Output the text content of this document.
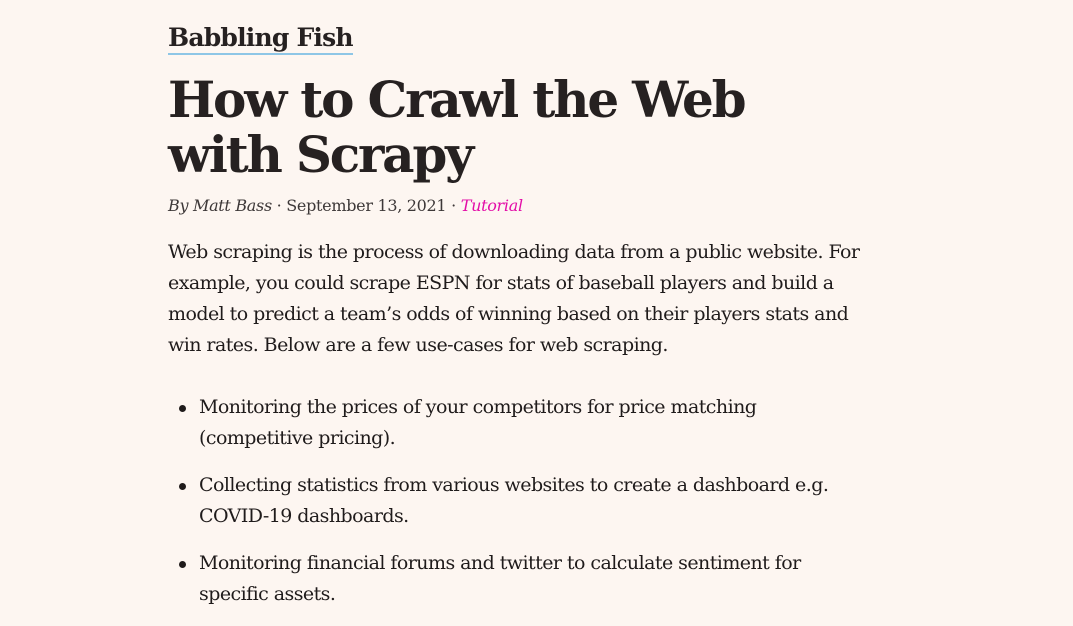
Babbling Fish
How to Crawl the Web with Scrapy
By Matt Bass · September 13, 2021 · Tutorial

Web scraping is the process of downloading data from a public website. For example, you could scrape ESPN for stats of baseball players and build a model to predict a team’s odds of winning based on their players stats and win rates. Below are a few use-cases for web scraping.

Monitoring the prices of your competitors for price matching (competitive pricing).
Collecting statistics from various websites to create a dashboard e.g. COVID-19 dashboards.
Monitoring financial forums and twitter to calculate sentiment for specific assets.
